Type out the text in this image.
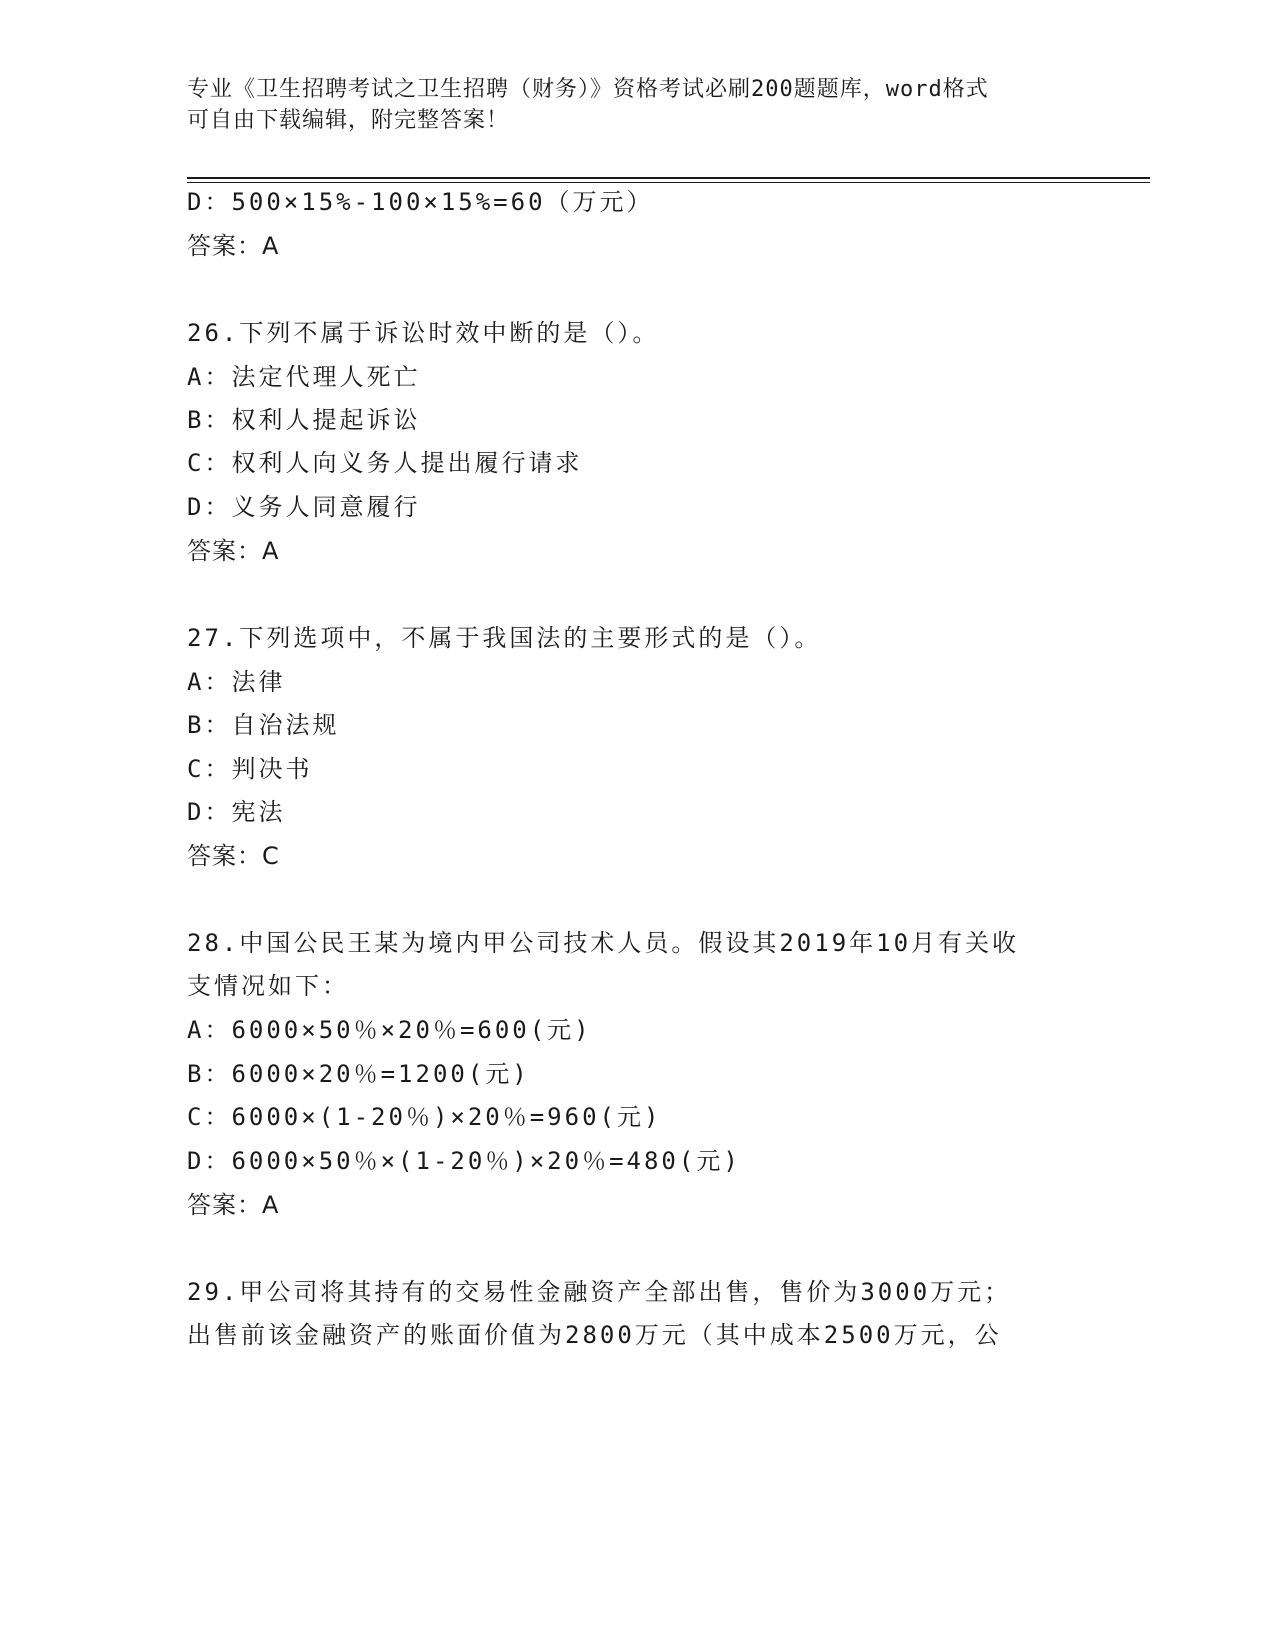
专业《卫生招聘考试之卫生招聘（财务）》资格考试必刷200题题库，word格式
可自由下载编辑，附完整答案！
D：500×15%-100×15%=60（万元）
答案：A
26.下列不属于诉讼时效中断的是（）。
A：法定代理人死亡
B：权利人提起诉讼
C：权利人向义务人提出履行请求
D：义务人同意履行
答案：A
27.下列选项中，不属于我国法的主要形式的是（）。
A：法律
B：自治法规
C：判决书
D：宪法
答案：C
28.中国公民王某为境内甲公司技术人员。假设其2019年10月有关收
支情况如下：
A：6000×50％×20％=600(元)
B：6000×20％=1200(元)
C：6000×(1-20％)×20％=960(元)
D：6000×50％×(1-20％)×20％=480(元)
答案：A
29.甲公司将其持有的交易性金融资产全部出售，售价为3000万元；
出售前该金融资产的账面价值为2800万元（其中成本2500万元，公
